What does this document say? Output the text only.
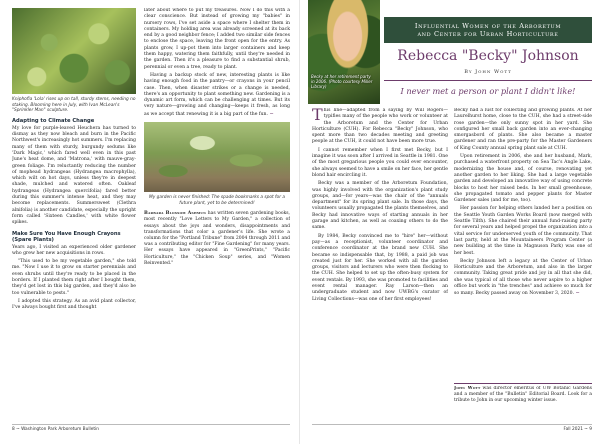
Kniphofia 'Lola' rises up on tall, sturdy stems, needing no staking. Blooming here in July, with Ivan McLean's "Sprinkler Man" sculpture.
Adapting to Climate Change

My love for purple-leaved Heuchera has turned to dismay as they now bleach and burn in the Pacific Northwest's increasingly hot summers. I'm replacing many of them with sturdy, burgundy sedums like 'Dark Magic,' which fared well even in this past June's heat dome, and 'Matrona,' with mauve-gray-green foliage. I'm reluctantly reducing the number of mophead hydrangeas (Hydrangea macrophylla), which wilt on hot days, unless they're in deepest shade, mulched and watered often. Oakleaf hydrangeas (Hydrangea quercifolia) fared better during this summer's intense heat, and they may become replacements. Summersweet (Clethra alnifolia) is another candidate, especially the upright form called 'Sixteen Candles,' with white flower spikes.

Make Sure You Have Enough Crayons (Spare Plants)

Years ago, I visited an experienced older gardener who grew her new acquisitions in rows.

"This used to be my vegetable garden," she told me. "Now I use it to grow on starter perennials and even shrubs until they're ready to be placed in the borders. If I planted them right after I bought them, they'd get lost in this big garden, and they'd also be too vulnerable to pests."

I adopted this strategy. As an avid plant collector, I've always bought first and thought

later about where to put my treasures. Now I do this with a clear conscience. But instead of growing my "babies" in nursery rows, I've set aside a space where I shelter them in containers. My holding area was already screened at its back end by a good neighbor fence; I added two similar side fences to enclose the space, leaving the front open for the entry. As plants grow, I up-pot them into larger containers and keep them happy, watering them faithfully, until they're needed in the garden. Then it's a pleasure to find a substantial shrub, perennial or even a tree, ready to plant.

Having a backup stock of new, interesting plants is like having enough food in the pantry—or crayons in your pencil case. Then, when disaster strikes or a change is needed, there's an opportunity to plant something new. Gardening is a dynamic art form, which can be challenging at times. But its very nature—growing and changing—keeps it fresh, as long as we accept that renewing it is a big part of the fun. ~

My garden is never finished: The spade bookmarks a spot for a future plant, yet to be determined!

Barbara Blossom Ashmun has written seven gardening books, most recently "Love Letters to My Garden," a collection of essays about the joys and wonders, disappointments and transformations that color a gardener's life. She wrote a column for the "Portland Tribune" from 2004 through 2011 and was a contributing editor for "Fine Gardening" for many years. Her essays have appeared in "GreenPrints," "Pacific Horticulture," the "Chicken Soup" series, and "Women Reinvented."

8 ~ Washington Park Arboretum Bulletin
Becky at her retirement party in 2006. (Photo courtesy Miller Library)
Influential Women of the Arboretum
and Center for Urban Horticulture
Rebecca "Becky" Johnson
By John Wott
I never met a person or plant I didn't like!

This line—adapted from a saying by Will Rogers—typifies many of the people who work or volunteer at the Arboretum and the Center for Urban Horticulture (CUH). For Rebecca "Becky" Johnson, who spent more than two decades meeting and greeting people at the CUH, it could not have been more true.

I cannot remember when I first met Becky, but I imagine it was soon after I arrived in Seattle in 1981. One of the most gregarious people you could ever encounter, she always seemed to have a smile on her face, her gentle blond hair encircling it.

Becky was a member of the Arboretum Foundation, was highly involved with the organization's plant study groups, and—for years—was the chair of the "annuals department" for its spring plant sale. In those days, the volunteers usually propagated the plants themselves, and Becky had innovative ways of starting annuals in her garage and kitchen, as well as coaxing others to do the same.

By 1984, Becky convinced me to "hire" her—without pay—as a receptionist, volunteer coordinator and conference coordinator at the brand new CUH. She became so indispensable that, by 1988, a paid job was created just for her. She worked with all the garden groups, visitors and lecturers who were then flocking to the CUH. She helped to set up the often-busy system for event rentals. By 1993, she was promoted to facilities and event rental manager. Ray Larson—then an undergraduate student and now UWBG's curator of Living Collections—was one of her first employees!

Becky had a lust for collecting and growing plants. At her Laurelhurst home, close to the CUH, she had a street-side rose garden—the only sunny spot in her yard. She configured her small back garden into an ever-changing smorgasbord of plants. She also became a master gardener and ran the pre-party for the Master Gardeners of King County annual spring plant sale at CUH.

Upon retirement in 2006, she and her husband, Mark, purchased a waterfront property on Sea Tac's Angle Lake, modernizing the house and, of course, renovating yet another garden to her liking. She had a large vegetable garden and developed an innovative way of using concrete blocks to host her raised beds. In her small greenhouse, she propagated tomato and pepper plants for Master Gardener sales (and for me, too).

Her passion for helping others landed her a position on the Seattle Youth Garden Works Board (now merged with Seattle Tilth). She chaired their annual fund-raising party for several years and helped propel the organization into a vital service for underserved youth of the community. That last party, held at the Mountaineers Program Center (a new building at the time in Magnuson Park) was one of her best.

Becky Johnson left a legacy at the Center of Urban Horticulture and the Arboretum, and also in the larger community. Taking great pride and joy in all that she did, she was typical of all those who never aspire to a higher office but work in "the trenches" and achieve so much for so many. Becky passed away on November 3, 2020. ~

John Wott was director emeritus of UW Botanic Gardens and a member of the "Bulletin" Editorial Board. Look for a tribute to John in our upcoming winter issue.

Fall 2021 ~ 9
